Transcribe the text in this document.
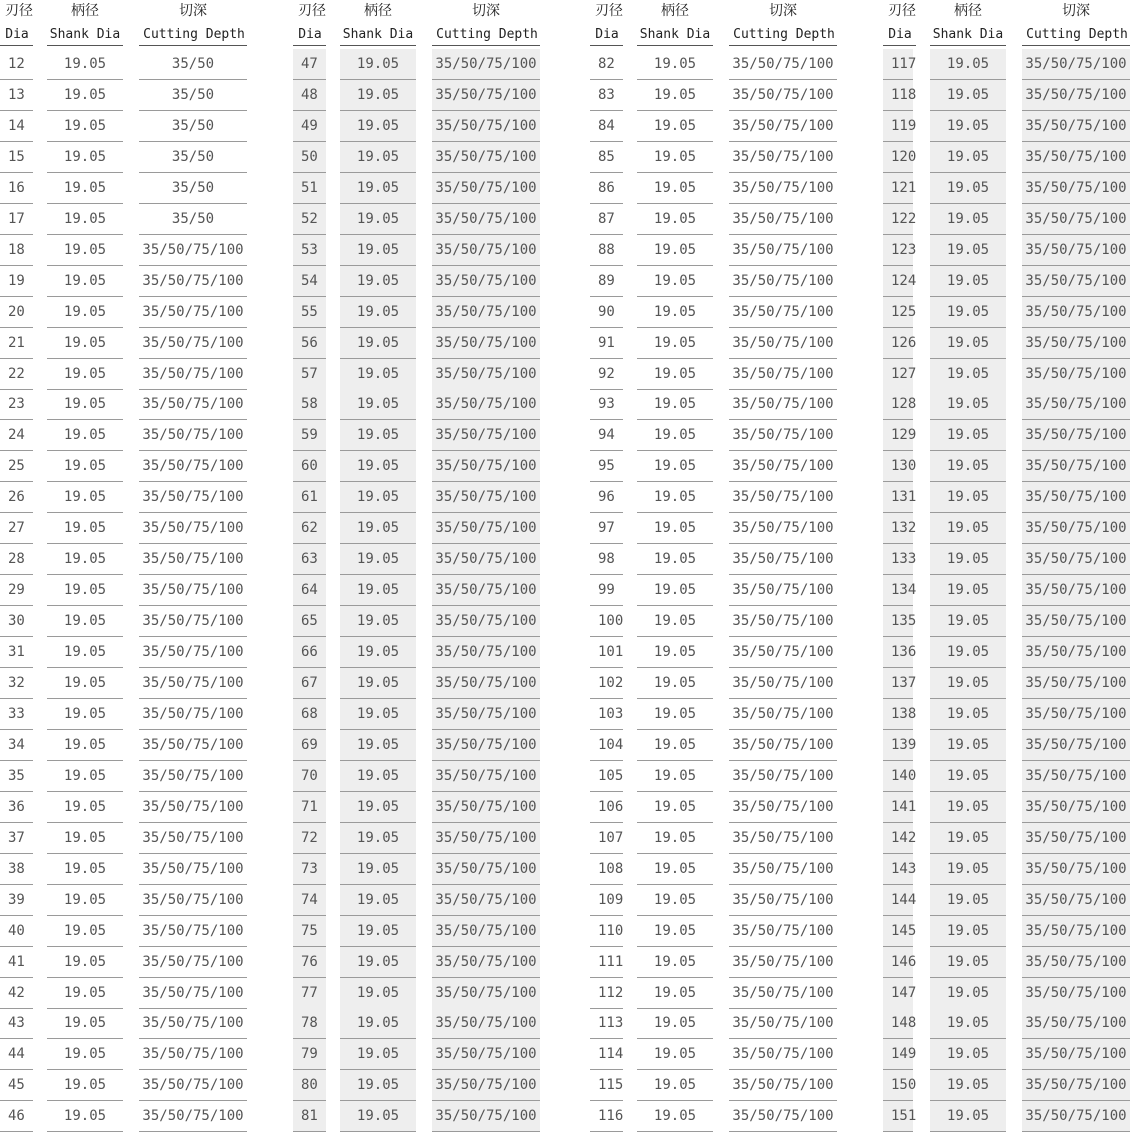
刃径	柄径	切深
Dia	Shank Dia	Cutting Depth
12	19.05	35/50
13	19.05	35/50
14	19.05	35/50
15	19.05	35/50
16	19.05	35/50
17	19.05	35/50
18	19.05	35/50/75/100
19	19.05	35/50/75/100
20	19.05	35/50/75/100
21	19.05	35/50/75/100
22	19.05	35/50/75/100
23	19.05	35/50/75/100
24	19.05	35/50/75/100
25	19.05	35/50/75/100
26	19.05	35/50/75/100
27	19.05	35/50/75/100
28	19.05	35/50/75/100
29	19.05	35/50/75/100
30	19.05	35/50/75/100
31	19.05	35/50/75/100
32	19.05	35/50/75/100
33	19.05	35/50/75/100
34	19.05	35/50/75/100
35	19.05	35/50/75/100
36	19.05	35/50/75/100
37	19.05	35/50/75/100
38	19.05	35/50/75/100
39	19.05	35/50/75/100
40	19.05	35/50/75/100
41	19.05	35/50/75/100
42	19.05	35/50/75/100
43	19.05	35/50/75/100
44	19.05	35/50/75/100
45	19.05	35/50/75/100
46	19.05	35/50/75/100
刃径	柄径	切深
Dia	Shank Dia	Cutting Depth
47	19.05	35/50/75/100
48	19.05	35/50/75/100
49	19.05	35/50/75/100
50	19.05	35/50/75/100
51	19.05	35/50/75/100
52	19.05	35/50/75/100
53	19.05	35/50/75/100
54	19.05	35/50/75/100
55	19.05	35/50/75/100
56	19.05	35/50/75/100
57	19.05	35/50/75/100
58	19.05	35/50/75/100
59	19.05	35/50/75/100
60	19.05	35/50/75/100
61	19.05	35/50/75/100
62	19.05	35/50/75/100
63	19.05	35/50/75/100
64	19.05	35/50/75/100
65	19.05	35/50/75/100
66	19.05	35/50/75/100
67	19.05	35/50/75/100
68	19.05	35/50/75/100
69	19.05	35/50/75/100
70	19.05	35/50/75/100
71	19.05	35/50/75/100
72	19.05	35/50/75/100
73	19.05	35/50/75/100
74	19.05	35/50/75/100
75	19.05	35/50/75/100
76	19.05	35/50/75/100
77	19.05	35/50/75/100
78	19.05	35/50/75/100
79	19.05	35/50/75/100
80	19.05	35/50/75/100
81	19.05	35/50/75/100
刃径	柄径	切深
Dia	Shank Dia	Cutting Depth
82	19.05	35/50/75/100
83	19.05	35/50/75/100
84	19.05	35/50/75/100
85	19.05	35/50/75/100
86	19.05	35/50/75/100
87	19.05	35/50/75/100
88	19.05	35/50/75/100
89	19.05	35/50/75/100
90	19.05	35/50/75/100
91	19.05	35/50/75/100
92	19.05	35/50/75/100
93	19.05	35/50/75/100
94	19.05	35/50/75/100
95	19.05	35/50/75/100
96	19.05	35/50/75/100
97	19.05	35/50/75/100
98	19.05	35/50/75/100
99	19.05	35/50/75/100
100	19.05	35/50/75/100
101	19.05	35/50/75/100
102	19.05	35/50/75/100
103	19.05	35/50/75/100
104	19.05	35/50/75/100
105	19.05	35/50/75/100
106	19.05	35/50/75/100
107	19.05	35/50/75/100
108	19.05	35/50/75/100
109	19.05	35/50/75/100
110	19.05	35/50/75/100
111	19.05	35/50/75/100
112	19.05	35/50/75/100
113	19.05	35/50/75/100
114	19.05	35/50/75/100
115	19.05	35/50/75/100
116	19.05	35/50/75/100
刃径	柄径	切深
Dia	Shank Dia	Cutting Depth
117	19.05	35/50/75/100
118	19.05	35/50/75/100
119	19.05	35/50/75/100
120	19.05	35/50/75/100
121	19.05	35/50/75/100
122	19.05	35/50/75/100
123	19.05	35/50/75/100
124	19.05	35/50/75/100
125	19.05	35/50/75/100
126	19.05	35/50/75/100
127	19.05	35/50/75/100
128	19.05	35/50/75/100
129	19.05	35/50/75/100
130	19.05	35/50/75/100
131	19.05	35/50/75/100
132	19.05	35/50/75/100
133	19.05	35/50/75/100
134	19.05	35/50/75/100
135	19.05	35/50/75/100
136	19.05	35/50/75/100
137	19.05	35/50/75/100
138	19.05	35/50/75/100
139	19.05	35/50/75/100
140	19.05	35/50/75/100
141	19.05	35/50/75/100
142	19.05	35/50/75/100
143	19.05	35/50/75/100
144	19.05	35/50/75/100
145	19.05	35/50/75/100
146	19.05	35/50/75/100
147	19.05	35/50/75/100
148	19.05	35/50/75/100
149	19.05	35/50/75/100
150	19.05	35/50/75/100
151	19.05	35/50/75/100
